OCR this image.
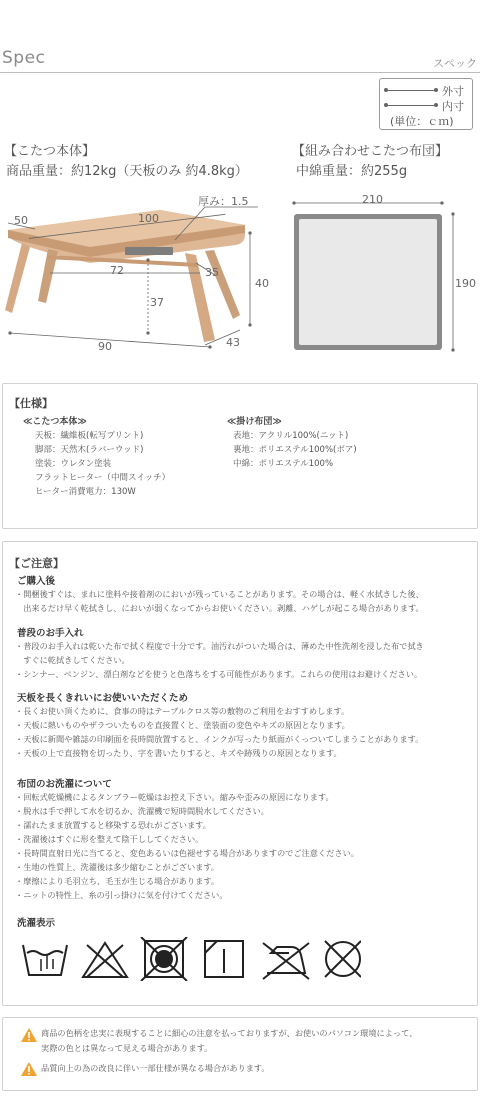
Spec	スペック
外寸
内寸
(単位：ｃｍ)
【こたつ本体】
商品重量：約12kg（天板のみ 約4.8kg）
【組み合わせこたつ布団】
中綿重量：約255g
厚み：1.5
50	100
72	35
40
37
90	43
210
190
【仕様】
≪こたつ本体≫
天板：繊維板(転写プリント)
脚部：天然木(ラバーウッド)
塗装：ウレタン塗装
フラットヒーター（中間スイッチ）
ヒーター消費電力：130W
≪掛け布団≫
表地：アクリル100%(ニット)
裏地：ポリエステル100%(ボア)
中綿：ポリエステル100%
【ご注意】
ご購入後
・開梱後すぐは、まれに塗料や接着剤のにおいが残っていることがあります。その場合は、軽く水拭きした後、
　出来るだけ早く乾拭きし、においが弱くなってからお使いください。剥離、ハゲしが起こる場合があります。
普段のお手入れ
・普段のお手入れは乾いた布で拭く程度で十分です。油汚れがついた場合は、薄めた中性洗剤を浸した布で拭き
　すぐに乾拭きしてください。
・シンナー、ベンジン、漂白剤などを使うと色落ちをする可能性があります。これらの使用はお避けください。
天板を長くきれいにお使いいただくため
・長くお使い頂くために、食事の時はテーブルクロス等の敷物のご利用をおすすめします。
・天板に熱いものやザラついたものを直接置くと、塗装面の変色やキズの原因となります。
・天板に新聞や雑誌の印刷面を長時間放置すると、インクが写ったり紙面がくっついてしまうことがあります。
・天板の上で直接物を切ったり、字を書いたりすると、キズや跡残りの原因となります。
布団のお洗濯について
・回転式乾燥機によるタンブラー乾燥はお控え下さい。縮みや歪みの原因になります。
・脱水は手で押して水を切るか、洗濯機で短時間脱水してください。
・濡れたまま放置すると移染する恐れがございます。
・洗濯後はすぐに形を整えて陰干ししてください。
・長時間直射日光に当てると、変色あるいは色褪せする場合がありますのでご注意ください。
・生地の性質上、洗濯後は多少縮むことがございます。
・摩擦により毛羽立ち、毛玉が生じる場合があります。
・ニットの特性上、糸の引っ掛けに気を付けてください。
洗濯表示
商品の色柄を忠実に表現することに細心の注意を払っておりますが、お使いのパソコン環境によって、
実際の色とは異なって見える場合があります。
品質向上の為の改良に伴い一部仕様が異なる場合があります。
